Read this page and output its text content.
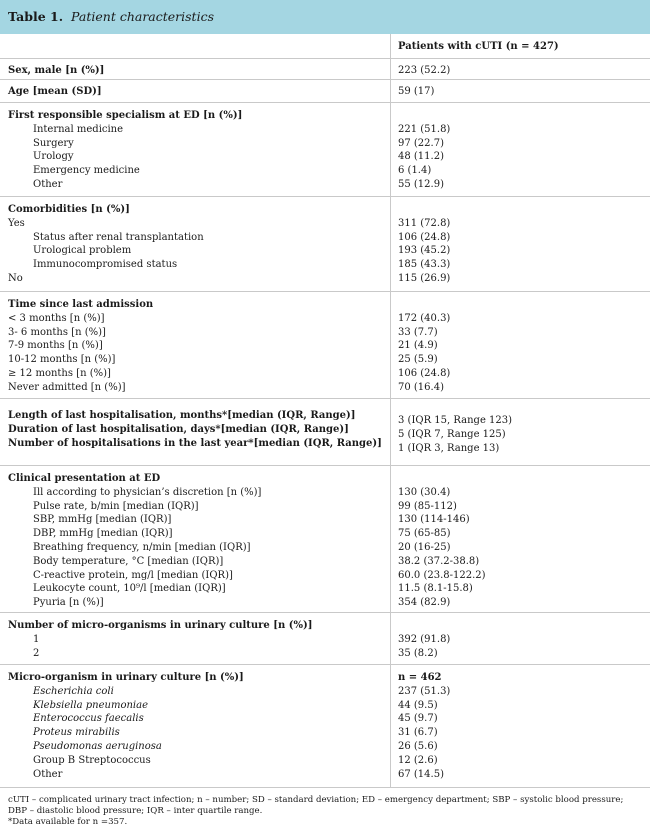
Table 1. Patient characteristics
Patients with cUTI (n = 427)
Sex, male [n (%)]	223 (52.2)
Age [mean (SD)]	59 (17)
First responsible specialism at ED [n (%)]
Internal medicine
Surgery
Urology
Emergency medicine
Other
221 (51.8)
97 (22.7)
48 (11.2)
6 (1.4)
55 (12.9)
Comorbidities [n (%)]
Yes
Status after renal transplantation
Urological problem
Immunocompromised status
No
311 (72.8)
106 (24.8)
193 (45.2)
185 (43.3)
115 (26.9)
Time since last admission
< 3 months [n (%)]
3- 6 months [n (%)]
7-9 months [n (%)]
10-12 months [n (%)]
≥ 12 months [n (%)]
Never admitted [n (%)]
172 (40.3)
33 (7.7)
21 (4.9)
25 (5.9)
106 (24.8)
70 (16.4)
Length of last hospitalisation, months*[median (IQR, Range)]
Duration of last hospitalisation, days*[median (IQR, Range)]
Number of hospitalisations in the last year*[median (IQR, Range)]
3 (IQR 15, Range 123)
5 (IQR 7, Range 125)
1 (IQR 3, Range 13)
Clinical presentation at ED
Ill according to physician’s discretion [n (%)]
Pulse rate, b/min [median (IQR)]
SBP, mmHg [median (IQR)]
DBP, mmHg [median (IQR)]
Breathing frequency, n/min [median (IQR)]
Body temperature, °C [median (IQR)]
C-reactive protein, mg/l [median (IQR)]
Leukocyte count, 10⁹/l [median (IQR)]
Pyuria [n (%)]
130 (30.4)
99 (85-112)
130 (114-146)
75 (65-85)
20 (16-25)
38.2 (37.2-38.8)
60.0 (23.8-122.2)
11.5 (8.1-15.8)
354 (82.9)
Number of micro-organisms in urinary culture [n (%)]
1
2
392 (91.8)
35 (8.2)
Micro-organism in urinary culture [n (%)]
Escherichia coli
Klebsiella pneumoniae
Enterococcus faecalis
Proteus mirabilis
Pseudomonas aeruginosa
Group B Streptococcus
Other
n = 462
237 (51.3)
44 (9.5)
45 (9.7)
31 (6.7)
26 (5.6)
12 (2.6)
67 (14.5)
cUTI – complicated urinary tract infection; n – number; SD – standard deviation; ED – emergency department; SBP – systolic blood pressure;
DBP – diastolic blood pressure; IQR – inter quartile range.
*Data available for n =357.
